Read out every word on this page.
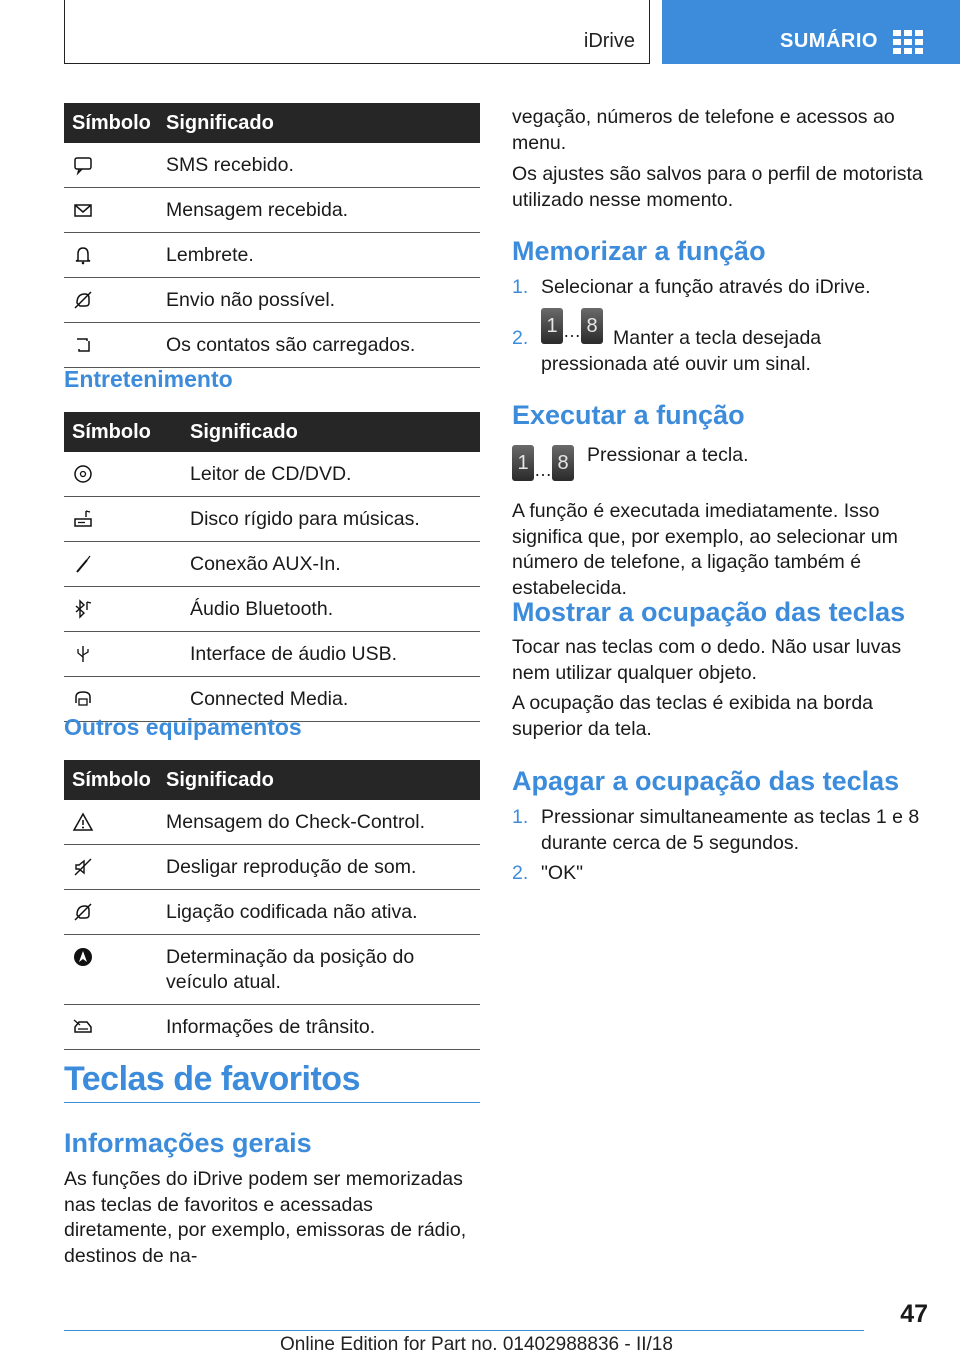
iDrive	SUMÁRIO
Símbolo	Significado

	SMS recebido.

	Mensagem recebida.

	Lembrete.

	Envio não possível.

	Os contatos são carregados.
Entretenimento
Símbolo	Significado

	Leitor de CD/DVD.

	Disco rígido para músicas.

	Conexão AUX-In.

	Áudio Bluetooth.

	Interface de áudio USB.

	Connected Media.
Outros equipamentos
Símbolo	Significado

	Mensagem do Check-Control.

	Desligar reprodução de som.

	Ligação codificada não ativa.

	Determinação da posição do veículo atual.

	Informações de trânsito.
Teclas de favoritos
Informações gerais
As funções do iDrive podem ser memorizadas nas teclas de favoritos e acessadas diretamente, por exemplo, emissoras de rádio, destinos de na-
vegação, números de telefone e acessos ao menu.
Os ajustes são salvos para o perfil de motorista utilizado nesse momento.
Memorizar a função
1. Selecionar a função através do iDrive.
2.
1 … 8
Manter a tecla desejada pressionada até ouvir um sinal.
Executar a função
1 … 8 Pressionar a tecla.
A função é executada imediatamente. Isso significa que, por exemplo, ao selecionar um número de telefone, a ligação também é estabelecida.
Mostrar a ocupação das teclas
Tocar nas teclas com o dedo. Não usar luvas nem utilizar qualquer objeto.
A ocupação das teclas é exibida na borda superior da tela.
Apagar a ocupação das teclas
1. Pressionar simultaneamente as teclas 1 e 8 durante cerca de 5 segundos.
2. "OK"
47
Online Edition for Part no. 01402988836 - II/18
